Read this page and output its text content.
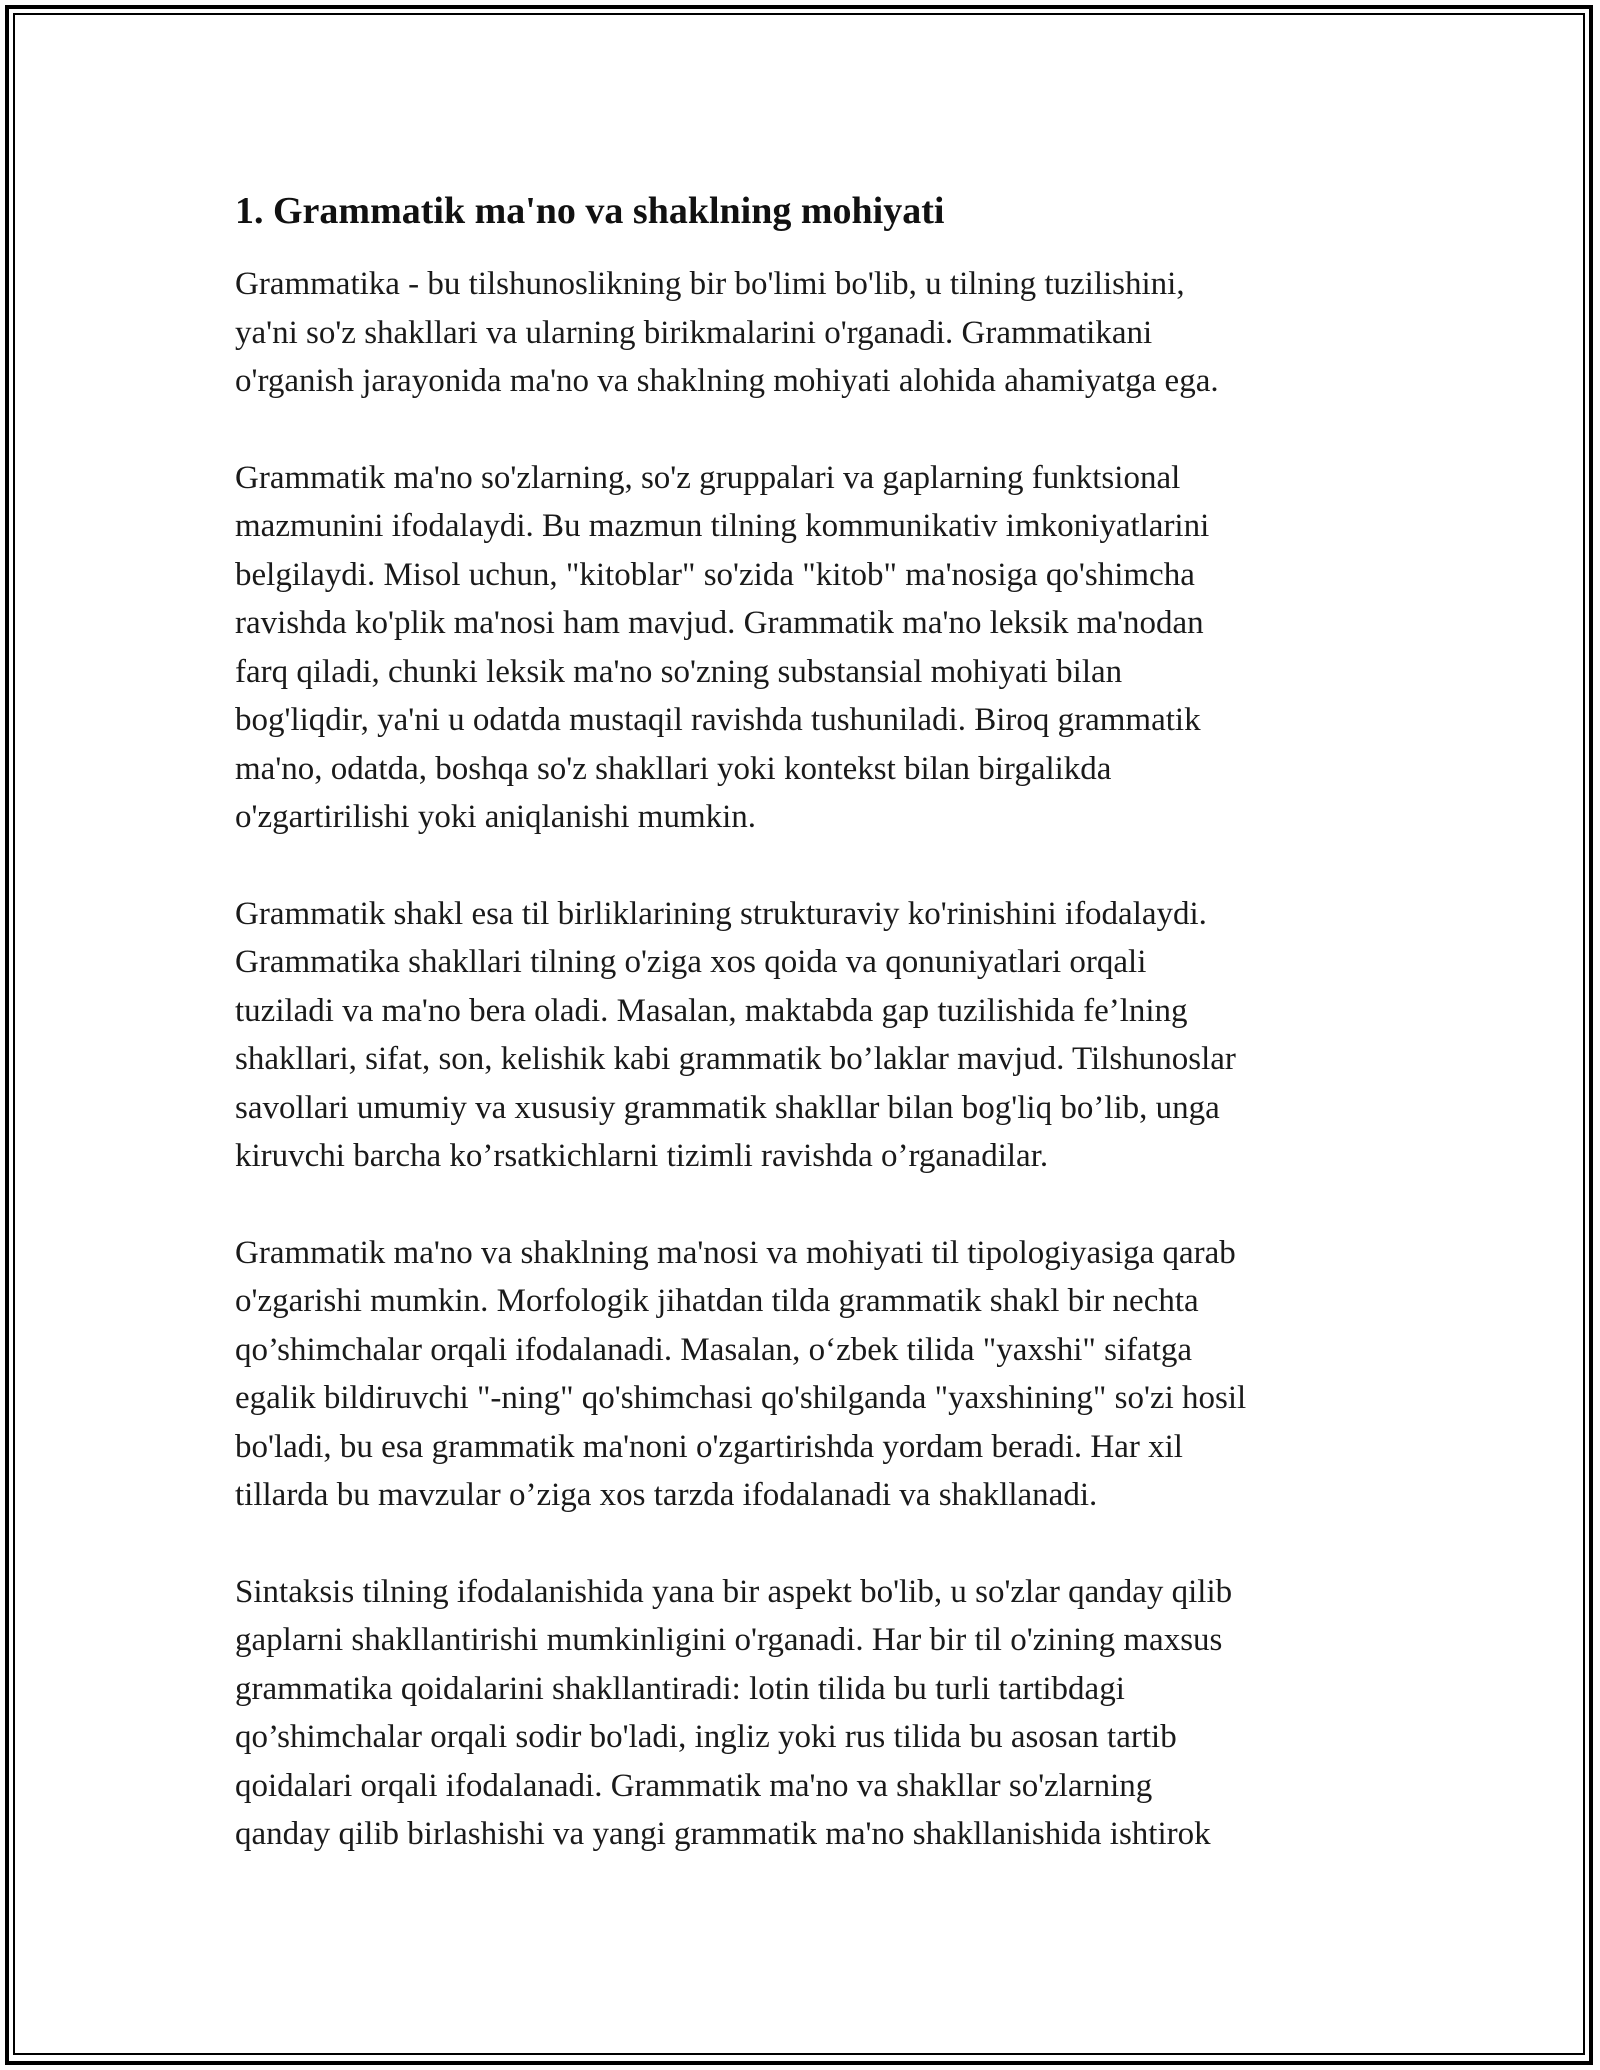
1. Grammatik ma'no va shaklning mohiyati

Grammatika - bu tilshunoslikning bir bo'limi bo'lib, u tilning tuzilishini,
ya'ni so'z shakllari va ularning birikmalarini o'rganadi. Grammatikani
o'rganish jarayonida ma'no va shaklning mohiyati alohida ahamiyatga ega.

Grammatik ma'no so'zlarning, so'z gruppalari va gaplarning funktsional
mazmunini ifodalaydi. Bu mazmun tilning kommunikativ imkoniyatlarini
belgilaydi. Misol uchun, "kitoblar" so'zida "kitob" ma'nosiga qo'shimcha
ravishda ko'plik ma'nosi ham mavjud. Grammatik ma'no leksik ma'nodan
farq qiladi, chunki leksik ma'no so'zning substansial mohiyati bilan
bog'liqdir, ya'ni u odatda mustaqil ravishda tushuniladi. Biroq grammatik
ma'no, odatda, boshqa so'z shakllari yoki kontekst bilan birgalikda
o'zgartirilishi yoki aniqlanishi mumkin.

Grammatik shakl esa til birliklarining strukturaviy ko'rinishini ifodalaydi.
Grammatika shakllari tilning o'ziga xos qoida va qonuniyatlari orqali
tuziladi va ma'no bera oladi. Masalan, maktabda gap tuzilishida fe’lning
shakllari, sifat, son, kelishik kabi grammatik bo’laklar mavjud. Tilshunoslar
savollari umumiy va xususiy grammatik shakllar bilan bog'liq bo’lib, unga
kiruvchi barcha ko’rsatkichlarni tizimli ravishda o’rganadilar.

Grammatik ma'no va shaklning ma'nosi va mohiyati til tipologiyasiga qarab
o'zgarishi mumkin. Morfologik jihatdan tilda grammatik shakl bir nechta
qo’shimchalar orqali ifodalanadi. Masalan, o‘zbek tilida "yaxshi" sifatga
egalik bildiruvchi "-ning" qo'shimchasi qo'shilganda "yaxshining" so'zi hosil
bo'ladi, bu esa grammatik ma'noni o'zgartirishda yordam beradi. Har xil
tillarda bu mavzular o’ziga xos tarzda ifodalanadi va shakllanadi.

Sintaksis tilning ifodalanishida yana bir aspekt bo'lib, u so'zlar qanday qilib
gaplarni shakllantirishi mumkinligini o'rganadi. Har bir til o'zining maxsus
grammatika qoidalarini shakllantiradi: lotin tilida bu turli tartibdagi
qo’shimchalar orqali sodir bo'ladi, ingliz yoki rus tilida bu asosan tartib
qoidalari orqali ifodalanadi. Grammatik ma'no va shakllar so'zlarning
qanday qilib birlashishi va yangi grammatik ma'no shakllanishida ishtirok
